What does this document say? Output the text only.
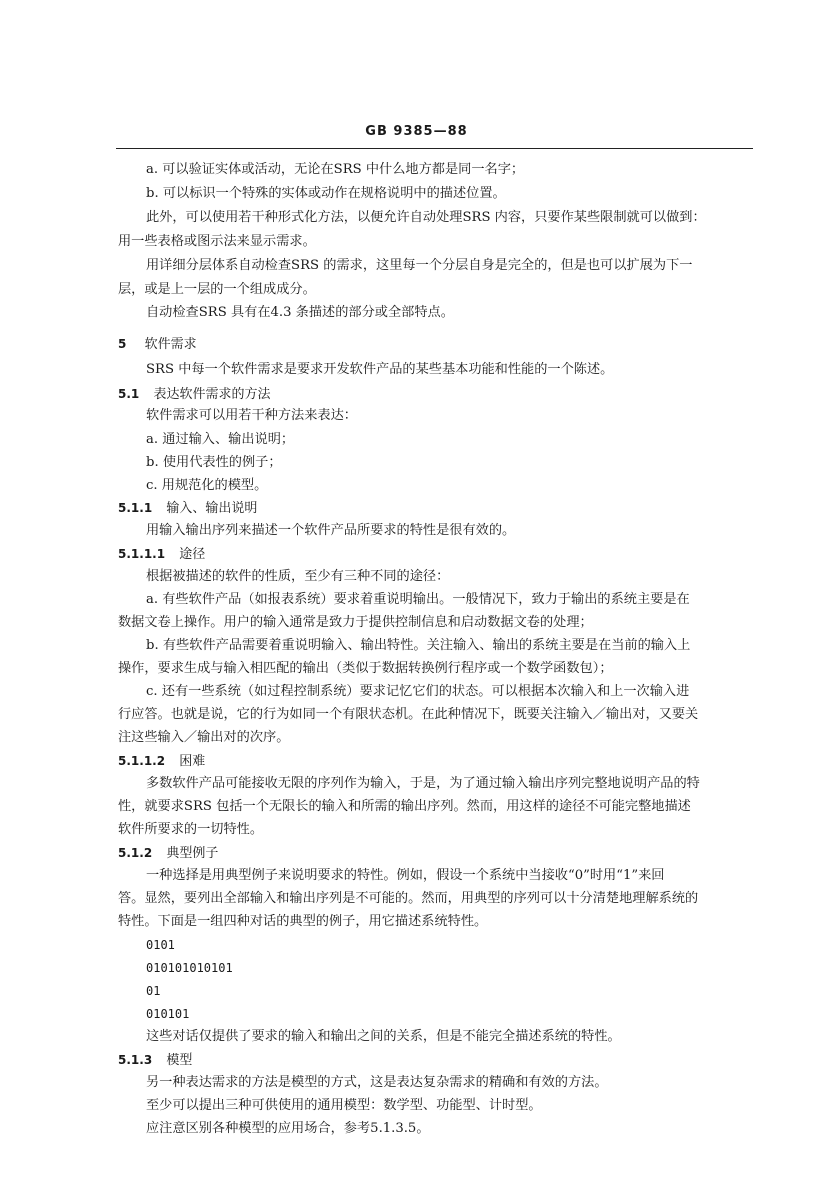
GB 9385—88
a. 可以验证实体或活动，无论在SRS 中什么地方都是同一名字；
b. 可以标识一个特殊的实体或动作在规格说明中的描述位置。
此外，可以使用若干种形式化方法，以便允许自动处理SRS 内容，只要作某些限制就可以做到：
用一些表格或图示法来显示需求。
用详细分层体系自动检查SRS 的需求，这里每一个分层自身是完全的，但是也可以扩展为下一
层，或是上一层的一个组成成分。
自动检查SRS 具有在4.3 条描述的部分或全部特点。
5 软件需求
SRS 中每一个软件需求是要求开发软件产品的某些基本功能和性能的一个陈述。
5.1 表达软件需求的方法
软件需求可以用若干种方法来表达：
a. 通过输入、输出说明；
b. 使用代表性的例子；
c. 用规范化的模型。
5.1.1 输入、输出说明
用输入输出序列来描述一个软件产品所要求的特性是很有效的。
5.1.1.1 途径
根据被描述的软件的性质，至少有三种不同的途径：
a. 有些软件产品（如报表系统）要求着重说明输出。一般情况下，致力于输出的系统主要是在
数据文卷上操作。用户的输入通常是致力于提供控制信息和启动数据文卷的处理；
b. 有些软件产品需要着重说明输入、输出特性。关注输入、输出的系统主要是在当前的输入上
操作，要求生成与输入相匹配的输出（类似于数据转换例行程序或一个数学函数包）；
c. 还有一些系统（如过程控制系统）要求记忆它们的状态。可以根据本次输入和上一次输入进
行应答。也就是说，它的行为如同一个有限状态机。在此种情况下，既要关注输入／输出对，又要关
注这些输入／输出对的次序。
5.1.1.2 困难
多数软件产品可能接收无限的序列作为输入，于是，为了通过输入输出序列完整地说明产品的特
性，就要求SRS 包括一个无限长的输入和所需的输出序列。然而，用这样的途径不可能完整地描述
软件所要求的一切特性。
5.1.2 典型例子
一种选择是用典型例子来说明要求的特性。例如，假设一个系统中当接收“0”时用“1”来回
答。显然，要列出全部输入和输出序列是不可能的。然而，用典型的序列可以十分清楚地理解系统的
特性。下面是一组四种对话的典型的例子，用它描述系统特性。
0101
010101010101
01
010101
这些对话仅提供了要求的输入和输出之间的关系，但是不能完全描述系统的特性。
5.1.3 模型
另一种表达需求的方法是模型的方式，这是表达复杂需求的精确和有效的方法。
至少可以提出三种可供使用的通用模型：数学型、功能型、计时型。
应注意区别各种模型的应用场合，参考5.1.3.5。
